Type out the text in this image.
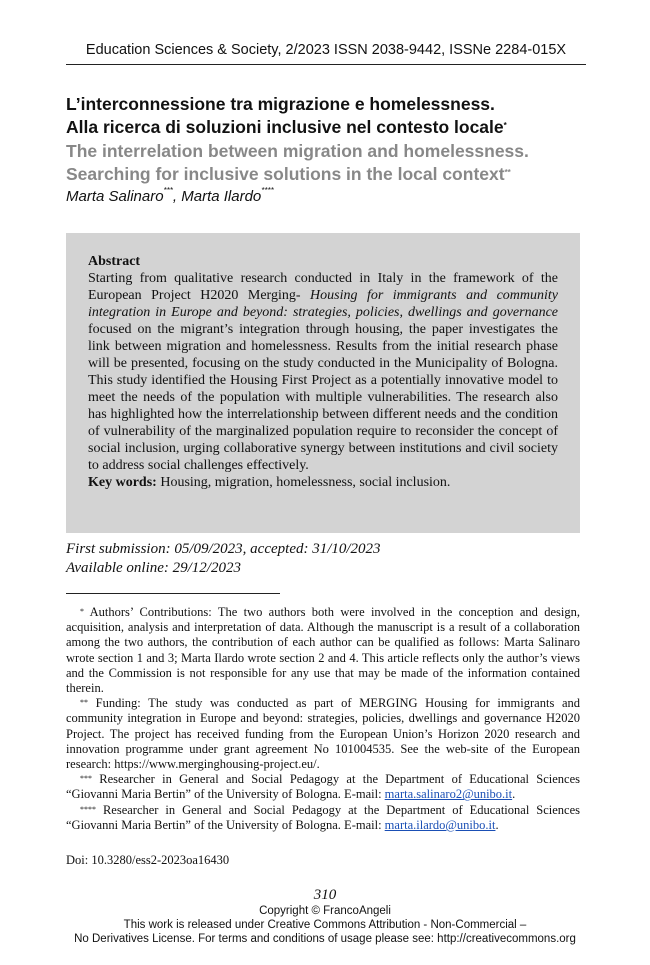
Education Sciences & Society, 2/2023 ISSN 2038-9442, ISSNe 2284-015X
L’interconnessione tra migrazione e homelessness.
Alla ricerca di soluzioni inclusive nel contesto locale*
The interrelation between migration and homelessness.
Searching for inclusive solutions in the local context**
Marta Salinaro***, Marta Ilardo****
Abstract
Starting from qualitative research conducted in Italy in the framework of the European Project H2020 Merging- Housing for immigrants and community integration in Europe and beyond: strategies, policies, dwellings and governance focused on the migrant’s integration through housing, the paper investigates the link between migration and homelessness. Results from the initial research phase will be presented, focusing on the study conducted in the Municipality of Bologna. This study identified the Housing First Project as a potentially innovative model to meet the needs of the population with multiple vulnerabilities. The research also has highlighted how the interrelationship between different needs and the condition of vulnerability of the marginalized population require to reconsider the concept of social inclusion, urging collaborative synergy between institutions and civil society to address social challenges effectively.
Key words: Housing, migration, homelessness, social inclusion.
First submission: 05/09/2023, accepted: 31/10/2023
Available online: 29/12/2023

* Authors’ Contributions: The two authors both were involved in the conception and design, acquisition, analysis and interpretation of data. Although the manuscript is a result of a collaboration among the two authors, the contribution of each author can be qualified as follows: Marta Salinaro wrote section 1 and 3; Marta Ilardo wrote section 2 and 4. This article reflects only the author’s views and the Commission is not responsible for any use that may be made of the information contained therein.

** Funding: The study was conducted as part of MERGING Housing for immigrants and community integration in Europe and beyond: strategies, policies, dwellings and governance H2020 Project. The project has received funding from the European Union’s Horizon 2020 research and innovation programme under grant agreement No 101004535. See the web-site of the European research: https://www.merginghousing-project.eu/.

*** Researcher in General and Social Pedagogy at the Department of Educational Sciences “Giovanni Maria Bertin” of the University of Bologna. E-mail: marta.salinaro2@unibo.it.

**** Researcher in General and Social Pedagogy at the Department of Educational Sciences “Giovanni Maria Bertin” of the University of Bologna. E-mail: marta.ilardo@unibo.it.

Doi: 10.3280/ess2-2023oa16430
310
Copyright © FrancoAngeli
This work is released under Creative Commons Attribution - Non-Commercial –
No Derivatives License. For terms and conditions of usage please see: http://creativecommons.org
